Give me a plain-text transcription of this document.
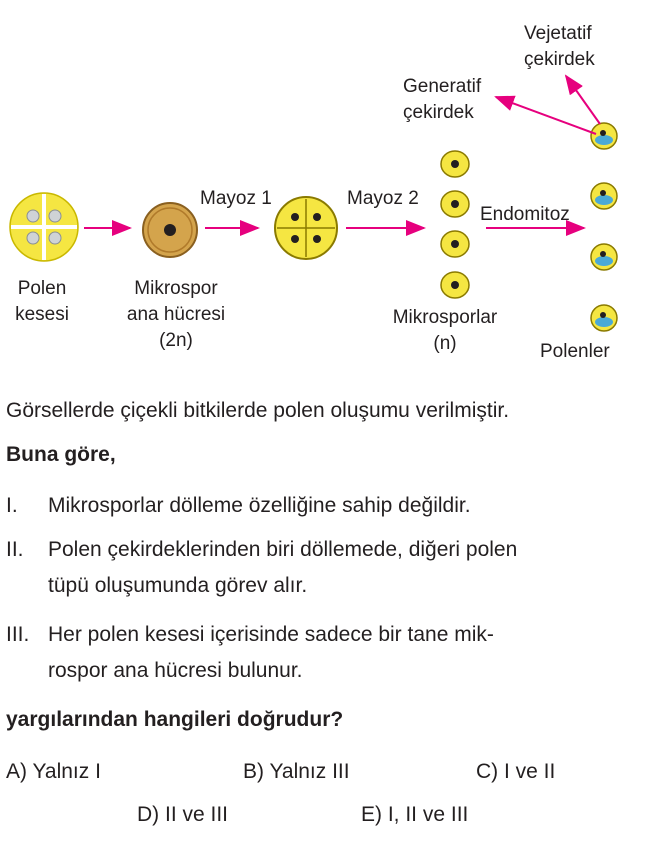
Polen
kesesi
Mikrospor
ana hücresi
(2n)
Mayoz 1	Mayoz 2
Endomitoz
Mikrosporlar
(n)	Polenler
Generatif
çekirdek
Vejetatif
çekirdek
Görsellerde çiçekli bitkilerde polen oluşumu verilmiştir.
Buna göre,
I. Mikrosporlar dölleme özelliğine sahip değildir.
II. Polen çekirdeklerinden biri döllemede, diğeri polen
tüpü oluşumunda görev alır.
III. Her polen kesesi içerisinde sadece bir tane mik-
rospor ana hücresi bulunur.
yargılarından hangileri doğrudur?
A) Yalnız I	B) Yalnız III	C) I ve II
D) II ve III	E) I, II ve III
